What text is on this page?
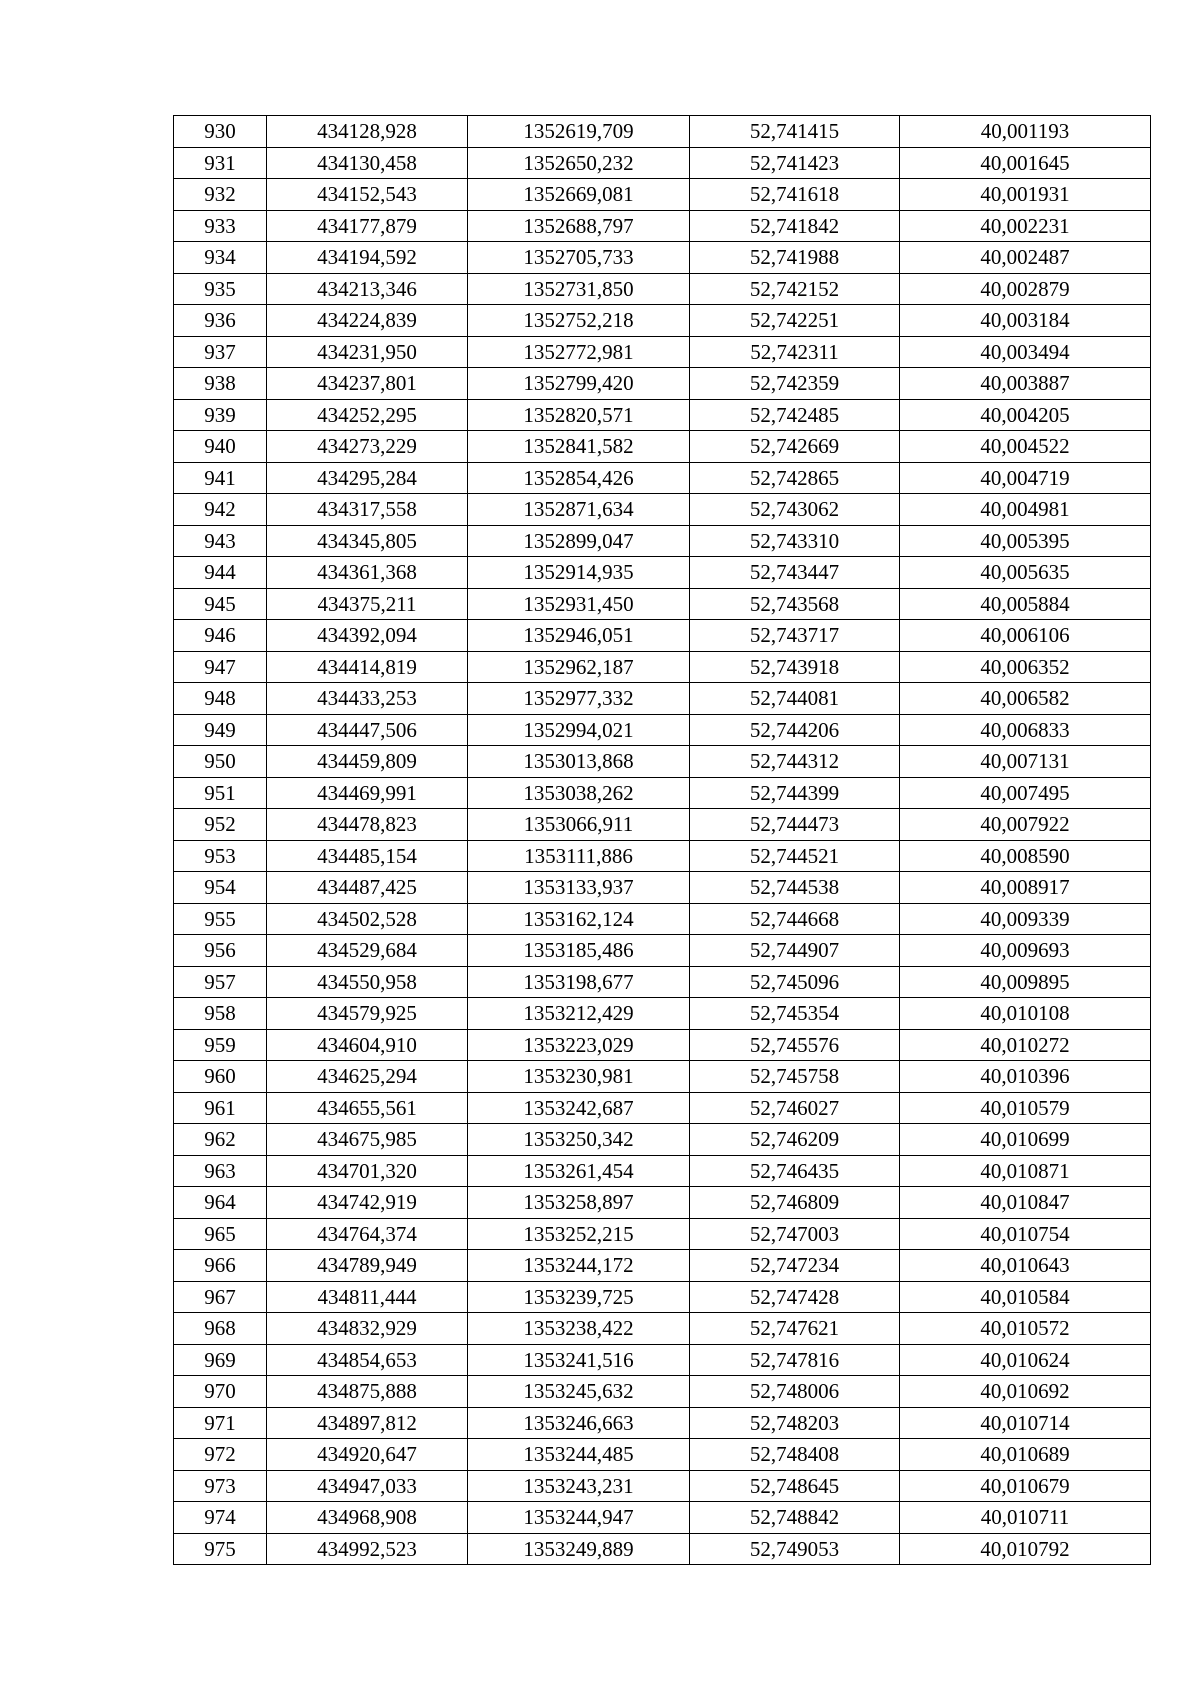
930	434128,928	1352619,709	52,741415	40,001193
931	434130,458	1352650,232	52,741423	40,001645
932	434152,543	1352669,081	52,741618	40,001931
933	434177,879	1352688,797	52,741842	40,002231
934	434194,592	1352705,733	52,741988	40,002487
935	434213,346	1352731,850	52,742152	40,002879
936	434224,839	1352752,218	52,742251	40,003184
937	434231,950	1352772,981	52,742311	40,003494
938	434237,801	1352799,420	52,742359	40,003887
939	434252,295	1352820,571	52,742485	40,004205
940	434273,229	1352841,582	52,742669	40,004522
941	434295,284	1352854,426	52,742865	40,004719
942	434317,558	1352871,634	52,743062	40,004981
943	434345,805	1352899,047	52,743310	40,005395
944	434361,368	1352914,935	52,743447	40,005635
945	434375,211	1352931,450	52,743568	40,005884
946	434392,094	1352946,051	52,743717	40,006106
947	434414,819	1352962,187	52,743918	40,006352
948	434433,253	1352977,332	52,744081	40,006582
949	434447,506	1352994,021	52,744206	40,006833
950	434459,809	1353013,868	52,744312	40,007131
951	434469,991	1353038,262	52,744399	40,007495
952	434478,823	1353066,911	52,744473	40,007922
953	434485,154	1353111,886	52,744521	40,008590
954	434487,425	1353133,937	52,744538	40,008917
955	434502,528	1353162,124	52,744668	40,009339
956	434529,684	1353185,486	52,744907	40,009693
957	434550,958	1353198,677	52,745096	40,009895
958	434579,925	1353212,429	52,745354	40,010108
959	434604,910	1353223,029	52,745576	40,010272
960	434625,294	1353230,981	52,745758	40,010396
961	434655,561	1353242,687	52,746027	40,010579
962	434675,985	1353250,342	52,746209	40,010699
963	434701,320	1353261,454	52,746435	40,010871
964	434742,919	1353258,897	52,746809	40,010847
965	434764,374	1353252,215	52,747003	40,010754
966	434789,949	1353244,172	52,747234	40,010643
967	434811,444	1353239,725	52,747428	40,010584
968	434832,929	1353238,422	52,747621	40,010572
969	434854,653	1353241,516	52,747816	40,010624
970	434875,888	1353245,632	52,748006	40,010692
971	434897,812	1353246,663	52,748203	40,010714
972	434920,647	1353244,485	52,748408	40,010689
973	434947,033	1353243,231	52,748645	40,010679
974	434968,908	1353244,947	52,748842	40,010711
975	434992,523	1353249,889	52,749053	40,010792
